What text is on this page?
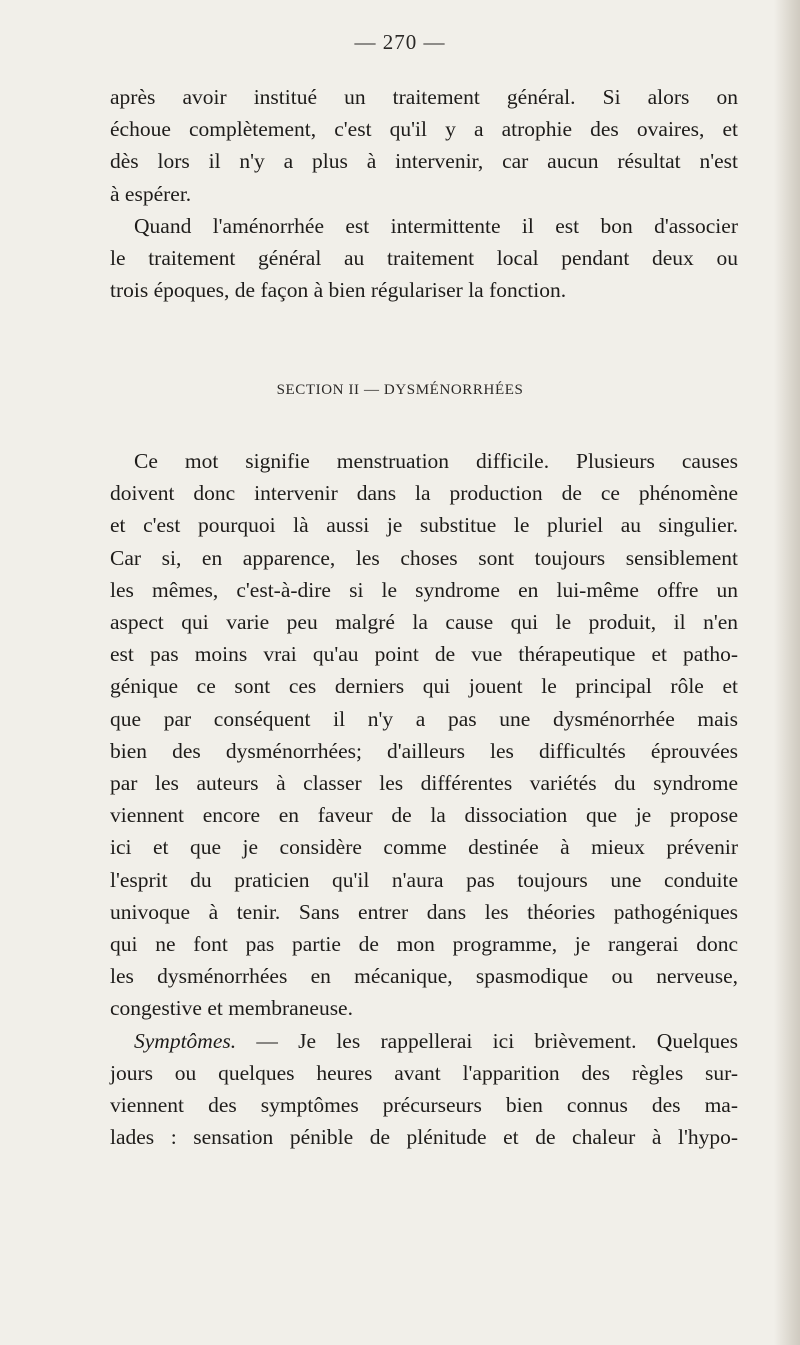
— 270 —

après avoir institué un traitement général. Si alors on
échoue complètement, c'est qu'il y a atrophie des ovaires, et
dès lors il n'y a plus à intervenir, car aucun résultat n'est
à espérer.

Quand l'aménorrhée est intermittente il est bon d'associer
le traitement général au traitement local pendant deux ou
trois époques, de façon à bien régulariser la fonction.

SECTION II — DYSMÉNORRHÉES

Ce mot signifie menstruation difficile. Plusieurs causes
doivent donc intervenir dans la production de ce phénomène
et c'est pourquoi là aussi je substitue le pluriel au singulier.
Car si, en apparence, les choses sont toujours sensiblement
les mêmes, c'est-à-dire si le syndrome en lui-même offre un
aspect qui varie peu malgré la cause qui le produit, il n'en
est pas moins vrai qu'au point de vue thérapeutique et patho-
génique ce sont ces derniers qui jouent le principal rôle et
que par conséquent il n'y a pas une dysménorrhée mais
bien des dysménorrhées; d'ailleurs les difficultés éprouvées
par les auteurs à classer les différentes variétés du syndrome
viennent encore en faveur de la dissociation que je propose
ici et que je considère comme destinée à mieux prévenir
l'esprit du praticien qu'il n'aura pas toujours une conduite
univoque à tenir. Sans entrer dans les théories pathogéniques
qui ne font pas partie de mon programme, je rangerai donc
les dysménorrhées en mécanique, spasmodique ou nerveuse,
congestive et membraneuse.

Symptômes. — Je les rappellerai ici brièvement. Quelques
jours ou quelques heures avant l'apparition des règles sur-
viennent des symptômes précurseurs bien connus des ma-
lades : sensation pénible de plénitude et de chaleur à l'hypo-
